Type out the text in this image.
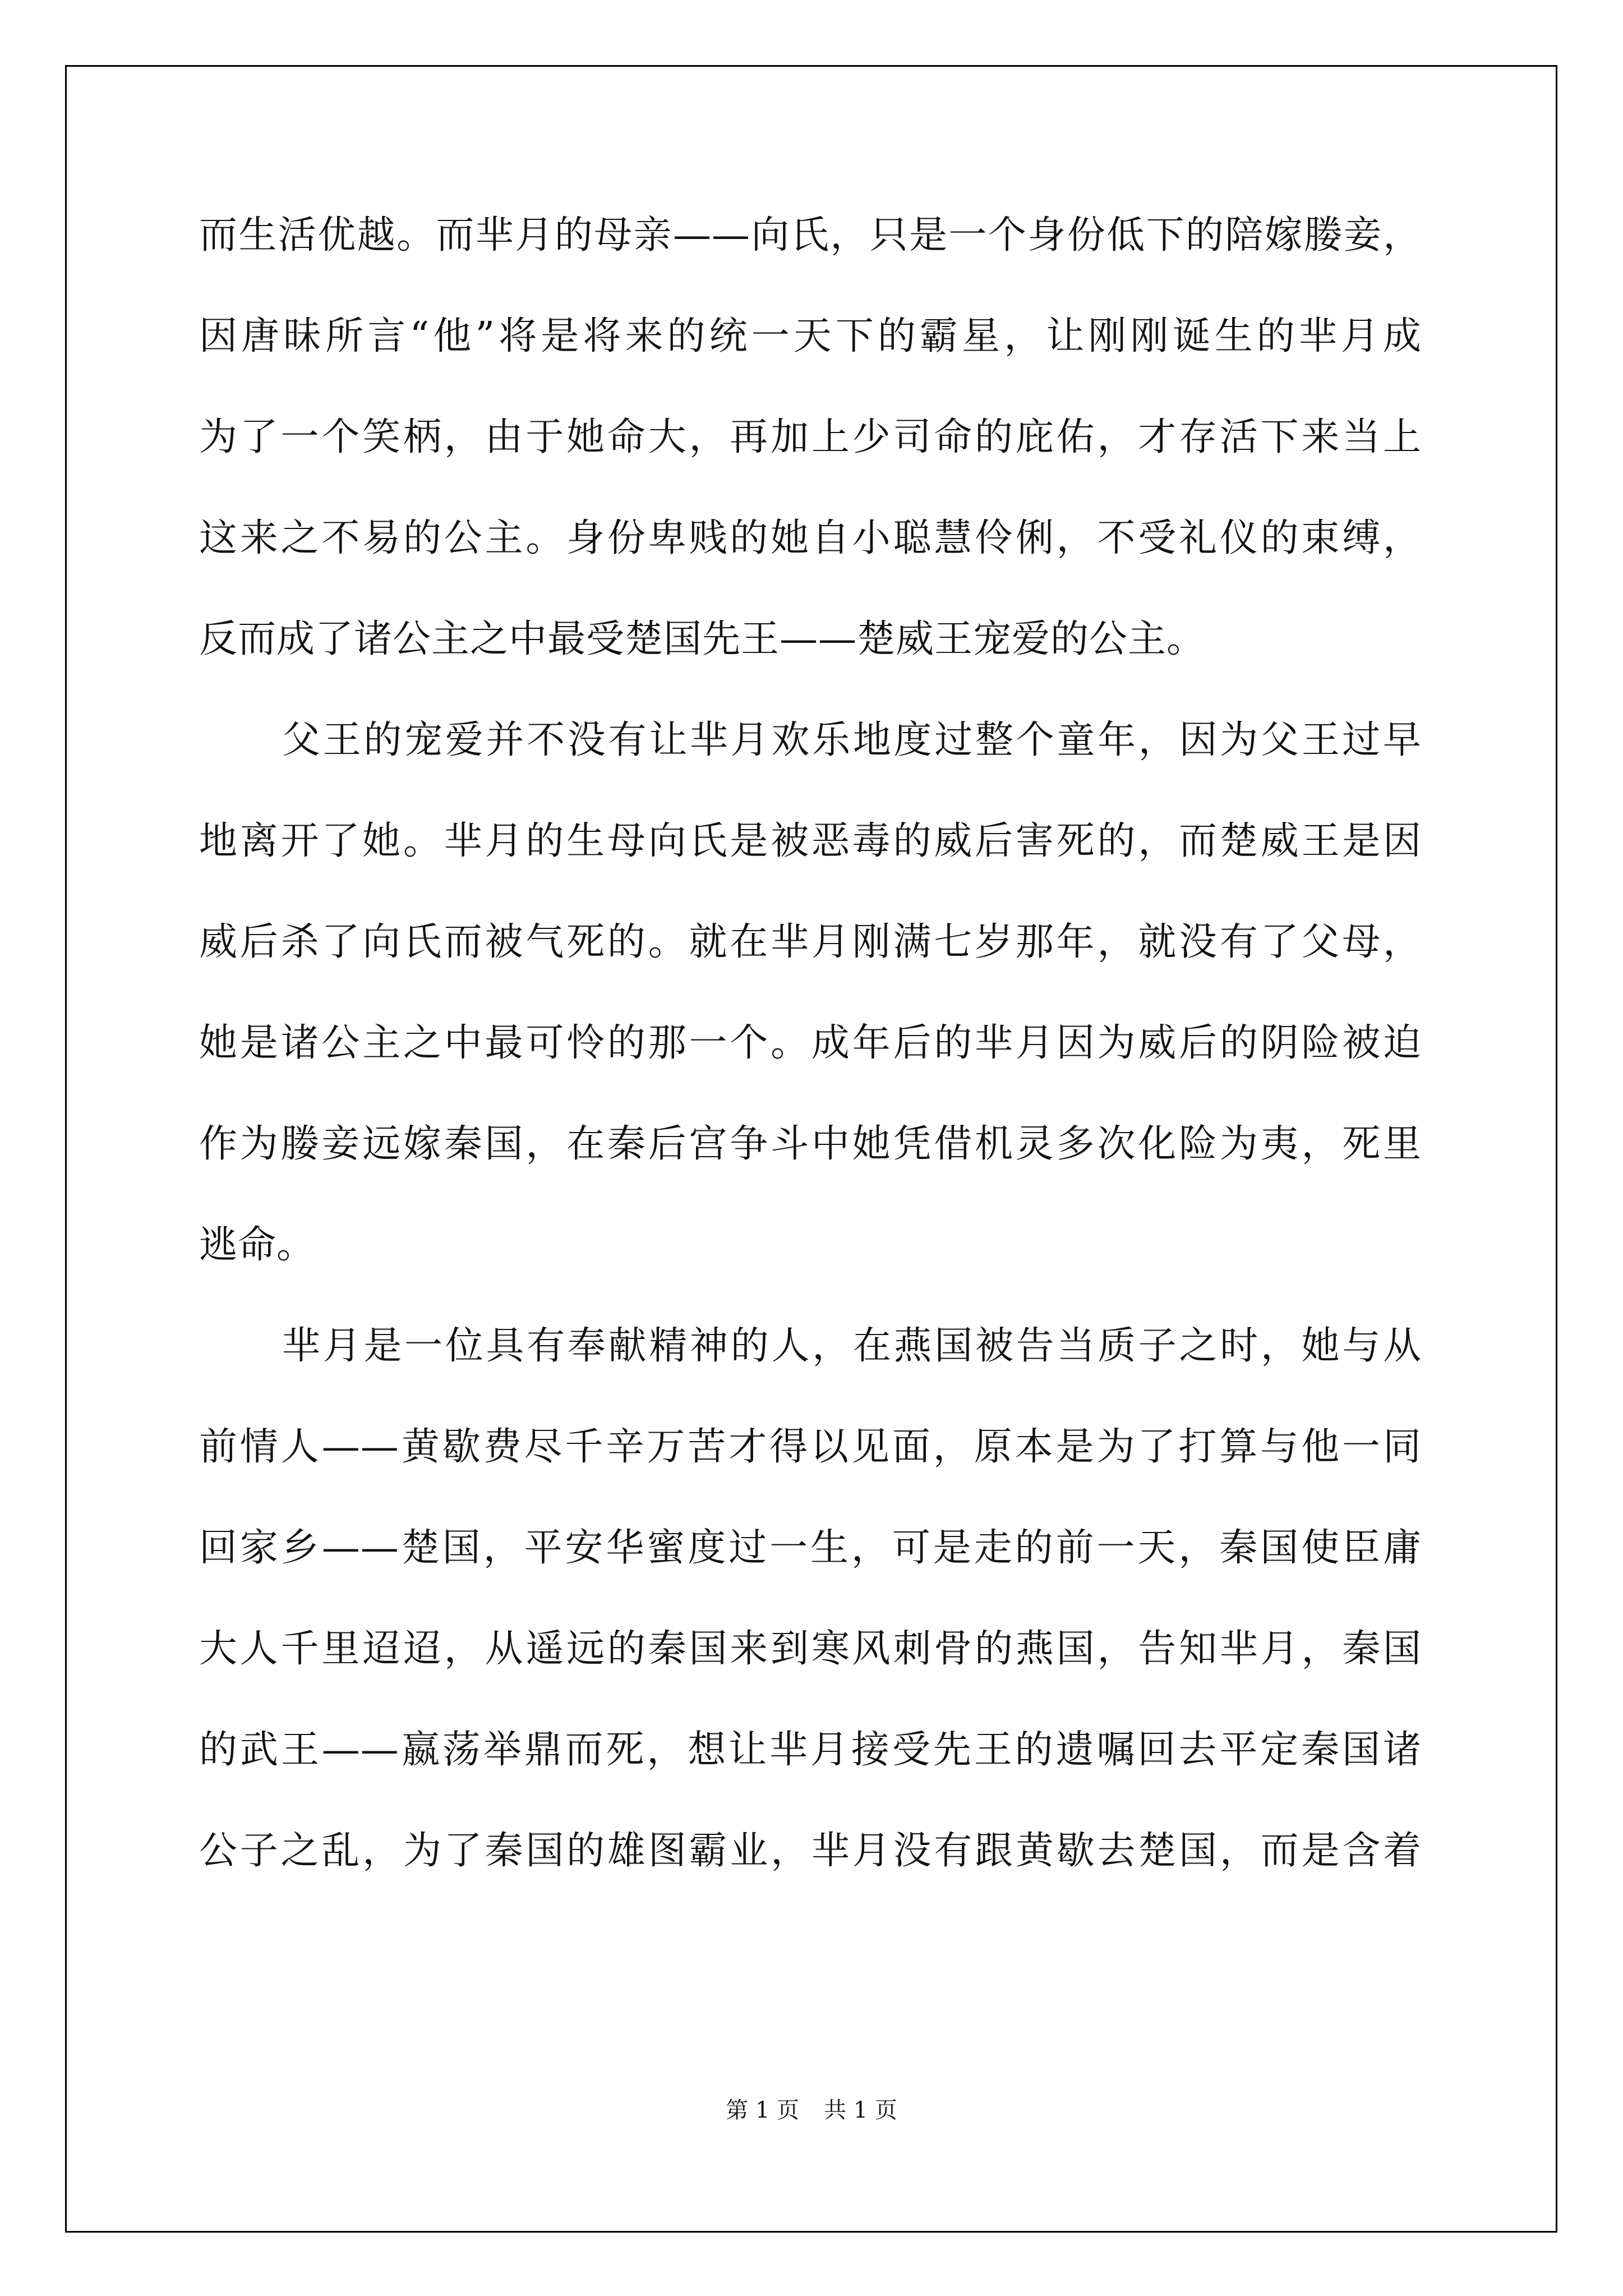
而生活优越。而芈月的母亲——向氏，只是一个身份低下的陪嫁媵妾，
因唐昧所言“他”将是将来的统一天下的霸星，让刚刚诞生的芈月成
为了一个笑柄，由于她命大，再加上少司命的庇佑，才存活下来当上
这来之不易的公主。身份卑贱的她自小聪慧伶俐，不受礼仪的束缚，
反而成了诸公主之中最受楚国先王——楚威王宠爱的公主。
父王的宠爱并不没有让芈月欢乐地度过整个童年，因为父王过早
地离开了她。芈月的生母向氏是被恶毒的威后害死的，而楚威王是因
威后杀了向氏而被气死的。就在芈月刚满七岁那年，就没有了父母，
她是诸公主之中最可怜的那一个。成年后的芈月因为威后的阴险被迫
作为媵妾远嫁秦国，在秦后宫争斗中她凭借机灵多次化险为夷，死里
逃命。
芈月是一位具有奉献精神的人，在燕国被告当质子之时，她与从
前情人——黄歇费尽千辛万苦才得以见面，原本是为了打算与他一同
回家乡——楚国，平安华蜜度过一生，可是走的前一天，秦国使臣庸
大人千里迢迢，从遥远的秦国来到寒风刺骨的燕国，告知芈月，秦国
的武王——嬴荡举鼎而死，想让芈月接受先王的遗嘱回去平定秦国诸
公子之乱，为了秦国的雄图霸业，芈月没有跟黄歇去楚国，而是含着
第 1 页 共 1 页
